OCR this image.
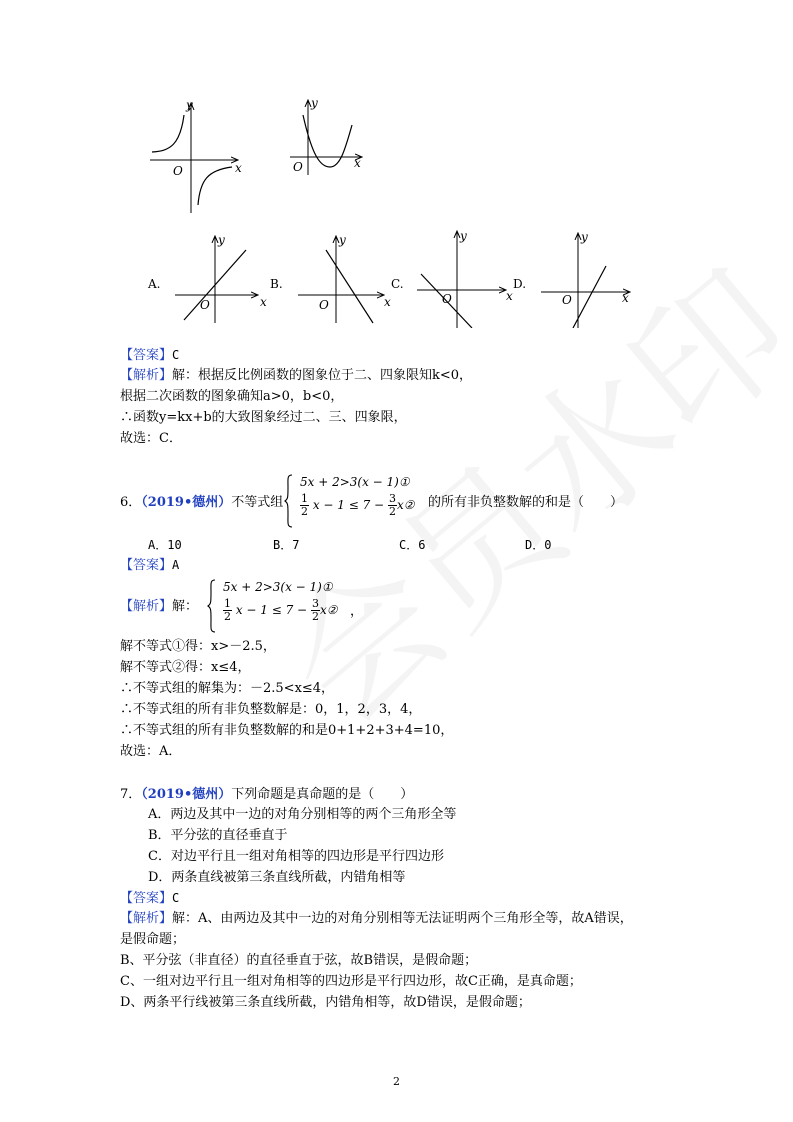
O	x
y
O	x
y
A.
O	x
y
B.
O	x
y
C.
O	x
y
D.
O	x
y
【答案】C
【解析】解：根据反比例函数的图象位于二、四象限知k<0，
根据二次函数的图象确知a>0，b<0，
∴函数y=kx+b的大致图象经过二、三、四象限，
故选：C．
6．（2019•德州）不等式组
5x + 2>3(x − 1)①
$\frac{1}{2}$ $x - 1 \le 7 - \frac{3}{2}$ x② 的所有非负整数解的和是（　　）
A．10	B．7	C．6	D．0
【答案】A
【解析】解：
5x + 2>3(x − 1)①
$\frac{1}{2}$ $x - 1 \le 7 - \frac{3}{2}$ x② ，
解不等式①得：x>－2.5，
解不等式②得：x≤4，
∴不等式组的解集为：－2.5<x≤4，
∴不等式组的所有非负整数解是：0，1，2，3，4，
∴不等式组的所有非负整数解的和是0+1+2+3+4=10，
故选：A．
7．（2019•德州）下列命题是真命题的是（　　）
A．两边及其中一边的对角分别相等的两个三角形全等
B．平分弦的直径垂直于
C．对边平行且一组对角相等的四边形是平行四边形
D．两条直线被第三条直线所截，内错角相等
【答案】C
【解析】解：A、由两边及其中一边的对角分别相等无法证明两个三角形全等，故A错误，
是假命题；
B、平分弦（非直径）的直径垂直于弦，故B错误，是假命题；
C、一组对边平行且一组对角相等的四边形是平行四边形，故C正确，是真命题；
D、两条平行线被第三条直线所截，内错角相等，故D错误，是假命题；
2
